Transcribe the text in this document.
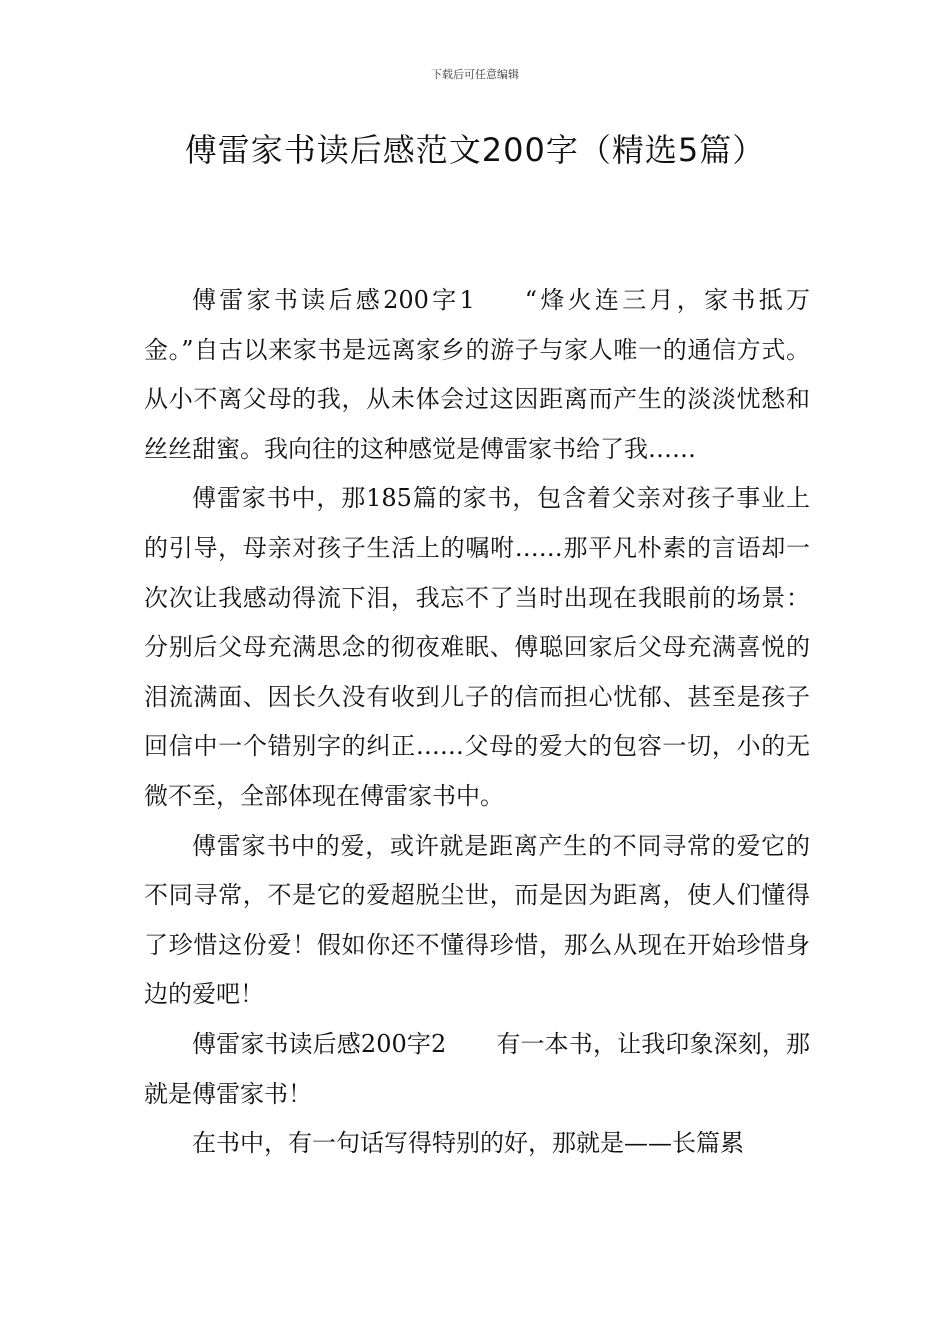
下载后可任意编辑
傅雷家书读后感范文200字（精选5篇）

傅雷家书读后感200字1 “烽火连三月，家书抵万金。”自古以来家书是远离家乡的游子与家人唯一的通信方式。从小不离父母的我，从未体会过这因距离而产生的淡淡忧愁和丝丝甜蜜。我向往的这种感觉是傅雷家书给了我……

傅雷家书中，那185篇的家书，包含着父亲对孩子事业上的引导，母亲对孩子生活上的嘱咐……那平凡朴素的言语却一次次让我感动得流下泪，我忘不了当时出现在我眼前的场景：分别后父母充满思念的彻夜难眠、傅聪回家后父母充满喜悦的泪流满面、因长久没有收到儿子的信而担心忧郁、甚至是孩子回信中一个错别字的纠正……父母的爱大的包容一切，小的无微不至，全部体现在傅雷家书中。

傅雷家书中的爱，或许就是距离产生的不同寻常的爱它的不同寻常，不是它的爱超脱尘世，而是因为距离，使人们懂得了珍惜这份爱！假如你还不懂得珍惜，那么从现在开始珍惜身边的爱吧！

傅雷家书读后感200字2 有一本书，让我印象深刻，那就是傅雷家书！

在书中，有一句话写得特别的好，那就是——长篇累
